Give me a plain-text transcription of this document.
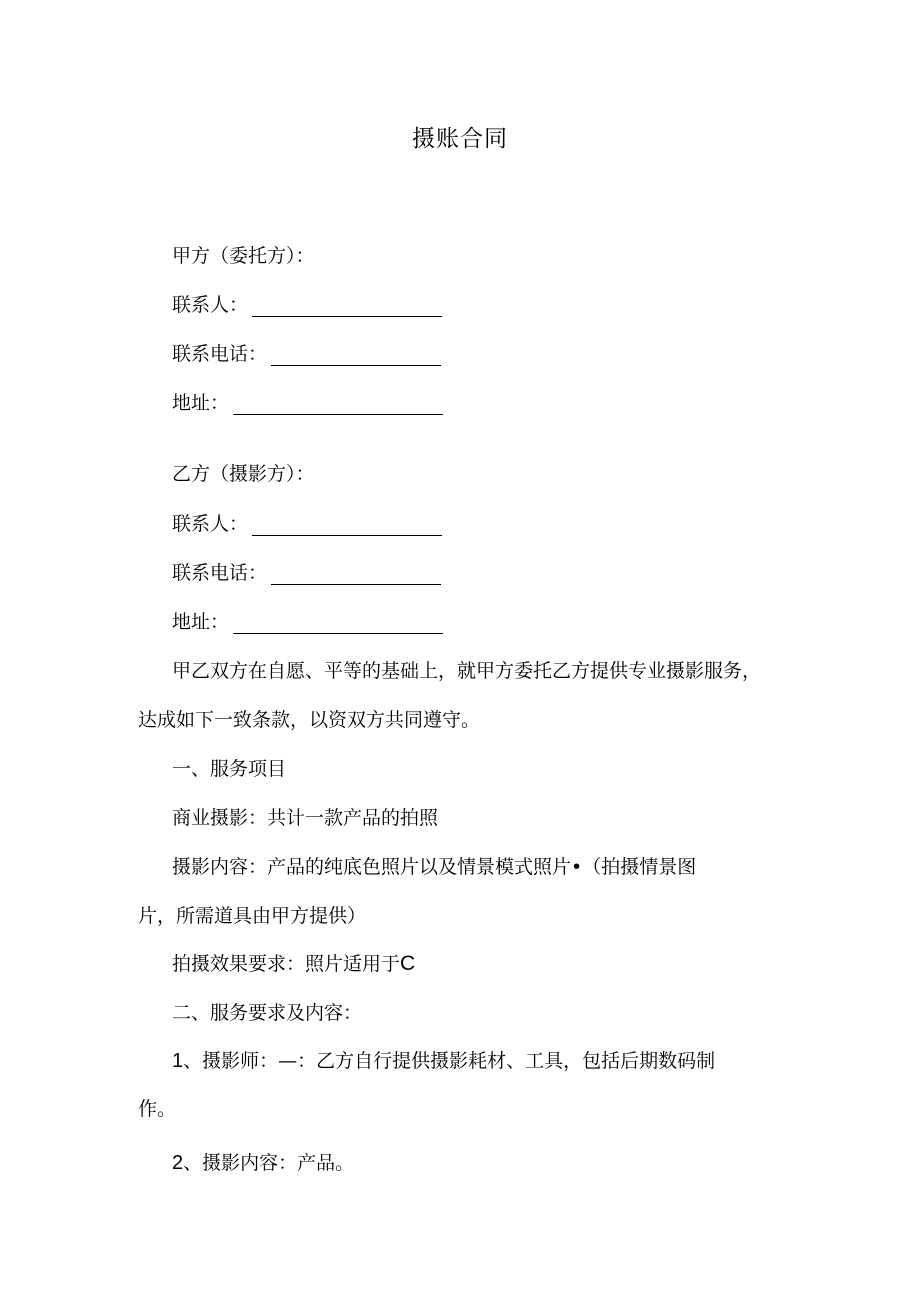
摄账合同
甲方（委托方）：
联系人：
联系电话：
地址：
乙方（摄影方）：
联系人：
联系电话：
地址：
甲乙双方在自愿、平等的基础上，就甲方委托乙方提供专业摄影服务，
达成如下一致条款，以资双方共同遵守。
一、服务项目
商业摄影：共计一款产品的拍照
摄影内容：产品的纯底色照片以及情景模式照片•（拍摄情景图
片，所需道具由甲方提供）
拍摄效果要求：照片适用于C
二、服务要求及内容：
1、摄影师：—：乙方自行提供摄影耗材、工具，包括后期数码制
作。
2、摄影内容：产品。
